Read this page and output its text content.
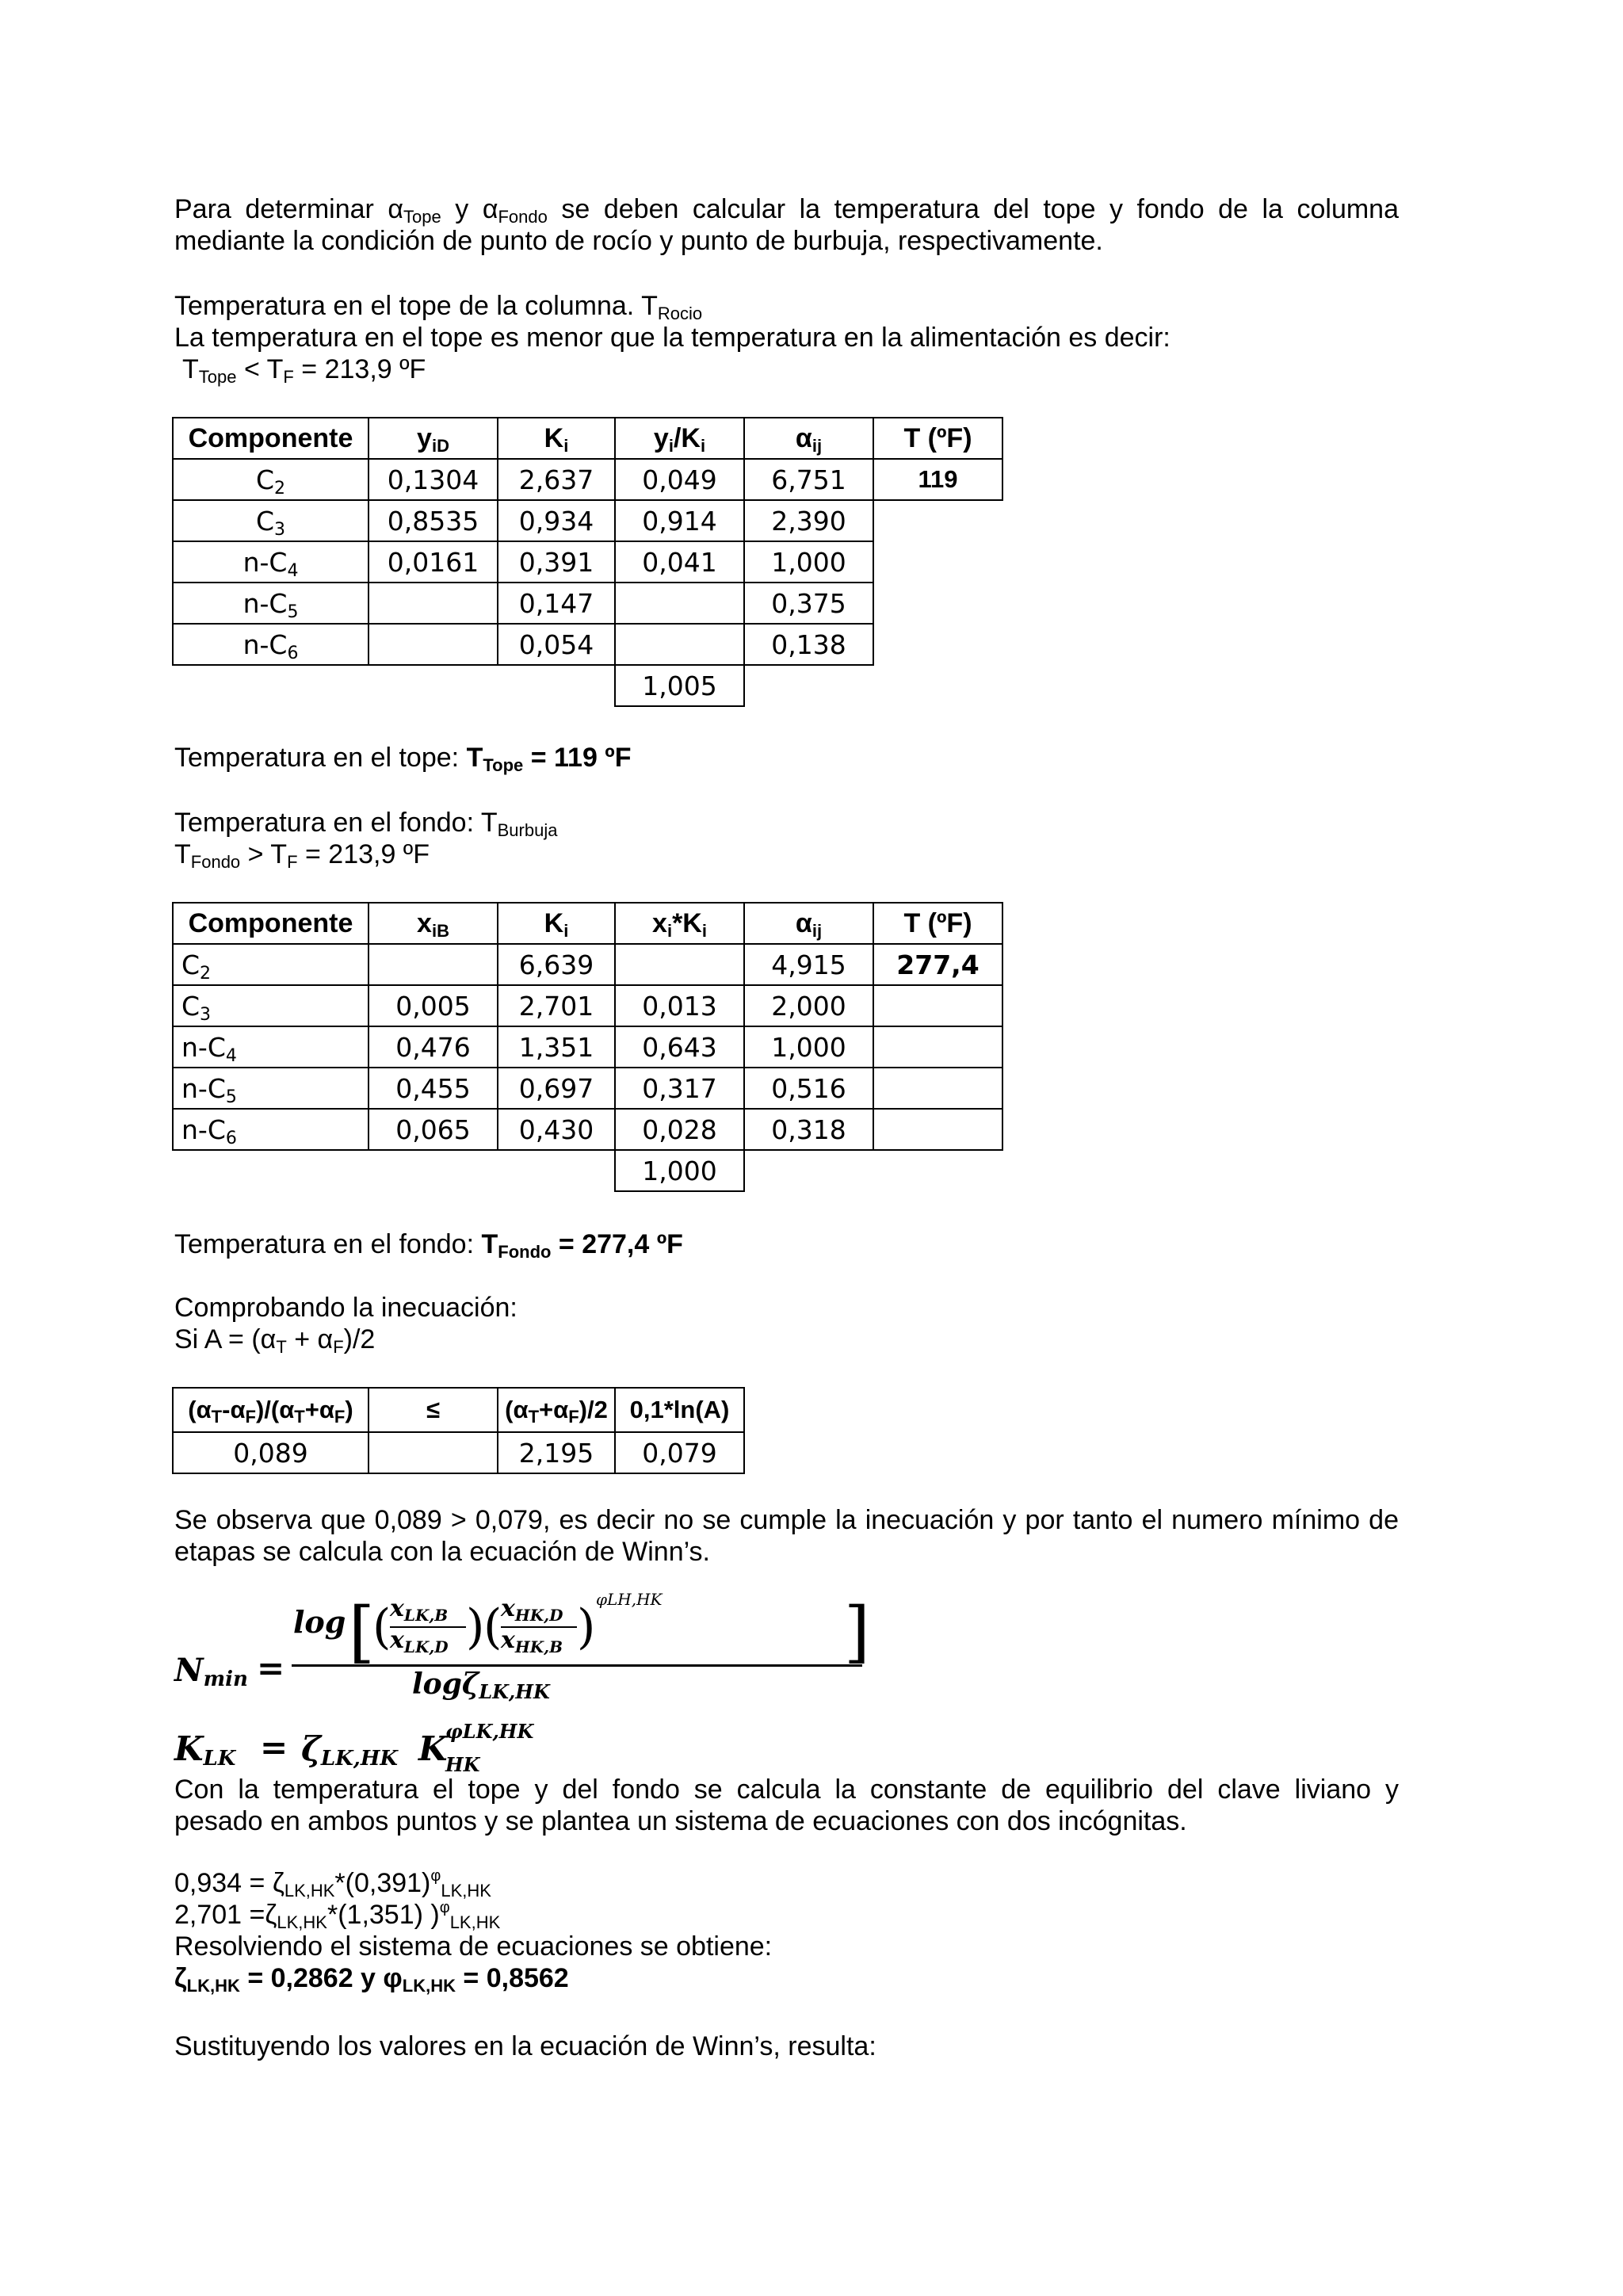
Para determinar $\alpha_{Tope}$ y $\alpha_{Fondo}$ se deben calcular la temperatura del tope y fondo de la columna
mediante la condición de punto de rocío y punto de burbuja, respectivamente.
Temperatura en el tope de la columna. $T_{Rocio}$
La temperatura en el tope es menor que la temperatura en la alimentación es decir:
$T_{Tope} < T_F = 213,9$ ºF
Componente	$y_{iD}$	$K_i$	$y_i/K_i$	$\alpha_{ij}$	T (ºF)
$C_2$	0,1304	2,637	0,049	6,751	119
$C_3$	0,8535	0,934	0,914	2,390	
$n-C_4$	0,0161	0,391	0,041	1,000	
$n-C_5$		0,147		0,375	
$n-C_6$		0,054		0,138	
			1,005		
Temperatura en el tope: $T_{Tope} = 119$ ºF
Temperatura en el fondo: $T_{Burbuja}$
$T_{Fondo} > T_F = 213,9$ ºF
Componente	$x_{iB}$	$K_i$	$x_i*K_i$	$\alpha_{ij}$	T (ºF)
$C_2$		6,639		4,915	277,4
$C_3$	0,005	2,701	0,013	2,000	
$n-C_4$	0,476	1,351	0,643	1,000	
$n-C_5$	0,455	0,697	0,317	0,516	
$n-C_6$	0,065	0,430	0,028	0,318	
			1,000		
Temperatura en el fondo: $T_{Fondo} = 277,4$ ºF
Comprobando la inecuación:
Si $A = (\alpha_T + \alpha_F)/2$
$(\alpha_T-\alpha_F)/(\alpha_T+\alpha_F)$	≤	$(\alpha_T+\alpha_F)/2$	0,1*ln(A)
0,089		2,195	0,079
Se observa que 0,089 > 0,079, es decir no se cumple la inecuación y por tanto el numero mínimo de
etapas se calcula con la ecuación de Winn’s.
$N_{min}$ =
log [
(
$x_{LK,B}$
$x_{LK,D}$ )
(
$x_{HK,D}$
$x_{HK,B}$ ) φLH,HK	]
logζ$_{LK,HK}$
$K_{LK} = \zeta_{LK,HK}$ K
φLK,HK
HK
Con la temperatura el tope y del fondo se calcula la constante de equilibrio del clave liviano y
pesado en ambos puntos y se plantea un sistema de ecuaciones con dos incógnitas.
$0,934 = \zeta_{LK,HK}*(0,391)^\varphi_{LK,HK}$
$2,701 =\zeta_{LK,HK}*(1,351)$ )$^\varphi_{LK,HK}$
Resolviendo el sistema de ecuaciones se obtiene:
$\zeta_{LK,HK} = 0,2862$ y $\varphi_{LK,HK} = 0,8562$
Sustituyendo los valores en la ecuación de Winn’s, resulta:
